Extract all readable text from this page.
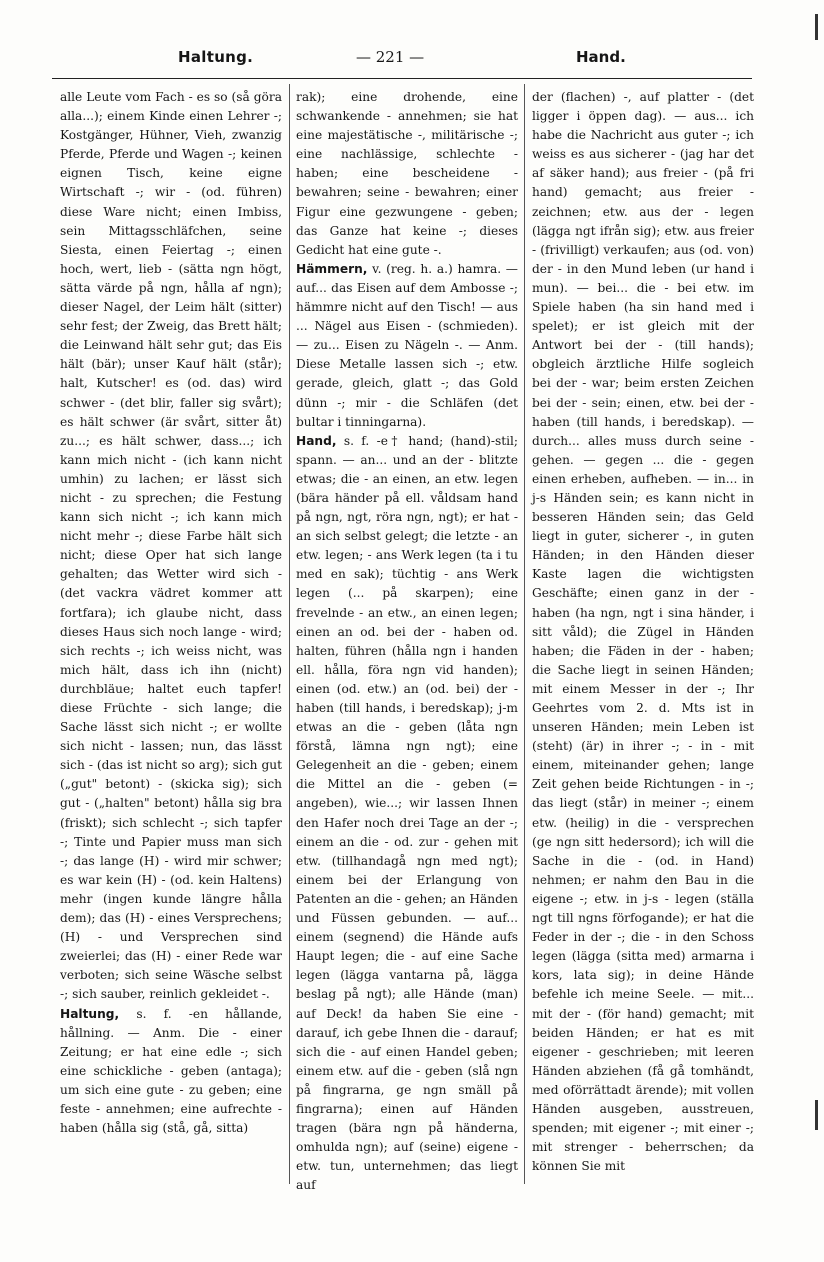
Haltung.	— 221 —	Hand.

alle Leute vom Fach - es so (så göra alla...); einem Kinde einen Lehrer -; Kostgänger, Hühner, Vieh, zwanzig Pferde, Pferde und Wagen -; keinen eignen Tisch, keine eigne Wirtschaft -; wir - (od. führen) diese Ware nicht; einen Imbiss, sein Mittagsschläfchen, seine Siesta, einen Feiertag -; einen hoch, wert, lieb - (sätta ngn högt, sätta värde på ngn, hålla af ngn); dieser Nagel, der Leim hält (sitter) sehr fest; der Zweig, das Brett hält; die Leinwand hält sehr gut; das Eis hält (bär); unser Kauf hält (står); halt, Kutscher! es (od. das) wird schwer - (det blir, faller sig svårt); es hält schwer (är svårt, sitter åt) zu...; es hält schwer, dass...; ich kann mich nicht - (ich kann nicht umhin) zu lachen; er lässt sich nicht - zu sprechen; die Festung kann sich nicht -; ich kann mich nicht mehr -; diese Farbe hält sich nicht; diese Oper hat sich lange gehalten; das Wetter wird sich - (det vackra vädret kommer att fortfara); ich glaube nicht, dass dieses Haus sich noch lange - wird; sich rechts -; ich weiss nicht, was mich hält, dass ich ihn (nicht) durchbläue; haltet euch tapfer! diese Früchte - sich lange; die Sache lässt sich nicht -; er wollte sich nicht - lassen; nun, das lässt sich - (das ist nicht so arg); sich gut („gut" betont) - (skicka sig); sich gut - („halten" betont) hålla sig bra (friskt); sich schlecht -; sich tapfer -; Tinte und Papier muss man sich -; das lange (H) - wird mir schwer; es war kein (H) - (od. kein Haltens) mehr (ingen kunde längre hålla dem); das (H) - eines Versprechens; (H) - und Versprechen sind zweierlei; das (H) - einer Rede war verboten; sich seine Wäsche selbst -; sich sauber, reinlich gekleidet -.

Haltung, s. f. -en hållande, hållning. — Anm. Die - einer Zeitung; er hat eine edle -; sich eine schickliche - geben (antaga); um sich eine gute - zu geben; eine feste - annehmen; eine aufrechte - haben (hålla sig (stå, gå, sitta)

rak); eine drohende, eine schwankende - annehmen; sie hat eine majestätische -, militärische -; eine nachlässige, schlechte - haben; eine bescheidene - bewahren; seine - bewahren; einer Figur eine gezwungene - geben; das Ganze hat keine -; dieses Gedicht hat eine gute -.

Hämmern, v. (reg. h. a.) hamra. — auf... das Eisen auf dem Ambosse -; hämmre nicht auf den Tisch! — aus ... Nägel aus Eisen - (schmieden). — zu... Eisen zu Nägeln -. — Anm. Diese Metalle lassen sich -; etw. gerade, gleich, glatt -; das Gold dünn -; mir - die Schläfen (det bultar i tinningarna).

Hand, s. f. -e† hand; (hand)-stil; spann. — an... und an der - blitzte etwas; die - an einen, an etw. legen (bära händer på ell. våldsam hand på ngn, ngt, röra ngn, ngt); er hat - an sich selbst gelegt; die letzte - an etw. legen; - ans Werk legen (ta i tu med en sak); tüchtig - ans Werk legen (... på skarpen); eine frevelnde - an etw., an einen legen; einen an od. bei der - haben od. halten, führen (hålla ngn i handen ell. hålla, föra ngn vid handen); einen (od. etw.) an (od. bei) der - haben (till hands, i beredskap); j-m etwas an die - geben (låta ngn förstå, lämna ngn ngt); eine Gelegenheit an die - geben; einem die Mittel an die - geben (= angeben), wie...; wir lassen Ihnen den Hafer noch drei Tage an der -; einem an die - od. zur - gehen mit etw. (tillhandagå ngn med ngt); einem bei der Erlangung von Patenten an die - gehen; an Händen und Füssen gebunden. — auf... einem (segnend) die Hände aufs Haupt legen; die - auf eine Sache legen (lägga vantarna på, lägga beslag på ngt); alle Hände (man) auf Deck! da haben Sie eine - darauf, ich gebe Ihnen die - darauf; sich die - auf einen Handel geben; einem etw. auf die - geben (slå ngn på fingrarna, ge ngn smäll på fingrarna); einen auf Händen tragen (bära ngn på händerna, omhulda ngn); auf (seine) eigene - etw. tun, unternehmen; das liegt auf

der (flachen) -, auf platter - (det ligger i öppen dag). — aus... ich habe die Nachricht aus guter -; ich weiss es aus sicherer - (jag har det af säker hand); aus freier - (på fri hand) gemacht; aus freier - zeichnen; etw. aus der - legen (lägga ngt ifrån sig); etw. aus freier - (frivilligt) verkaufen; aus (od. von) der - in den Mund leben (ur hand i mun). — bei... die - bei etw. im Spiele haben (ha sin hand med i spelet); er ist gleich mit der Antwort bei der - (till hands); obgleich ärztliche Hilfe sogleich bei der - war; beim ersten Zeichen bei der - sein; einen, etw. bei der - haben (till hands, i beredskap). — durch... alles muss durch seine - gehen. — gegen ... die - gegen einen erheben, aufheben. — in... in j-s Händen sein; es kann nicht in besseren Händen sein; das Geld liegt in guter, sicherer -, in guten Händen; in den Händen dieser Kaste lagen die wichtigsten Geschäfte; einen ganz in der - haben (ha ngn, ngt i sina händer, i sitt våld); die Zügel in Händen haben; die Fäden in der - haben; die Sache liegt in seinen Händen; mit einem Messer in der -; Ihr Geehrtes vom 2. d. Mts ist in unseren Händen; mein Leben ist (steht) (är) in ihrer -; - in - mit einem, miteinander gehen; lange Zeit gehen beide Richtungen - in -; das liegt (står) in meiner -; einem etw. (heilig) in die - versprechen (ge ngn sitt hedersord); ich will die Sache in die - (od. in Hand) nehmen; er nahm den Bau in die eigene -; etw. in j-s - legen (ställa ngt till ngns förfogande); er hat die Feder in der -; die - in den Schoss legen (lägga (sitta med) armarna i kors, lata sig); in deine Hände befehle ich meine Seele. — mit... mit der - (för hand) gemacht; mit beiden Händen; er hat es mit eigener - geschrieben; mit leeren Händen abziehen (få gå tomhändt, med oförrättadt ärende); mit vollen Händen ausgeben, ausstreuen, spenden; mit eigener -; mit einer -; mit strenger - beherrschen; da können Sie mit
